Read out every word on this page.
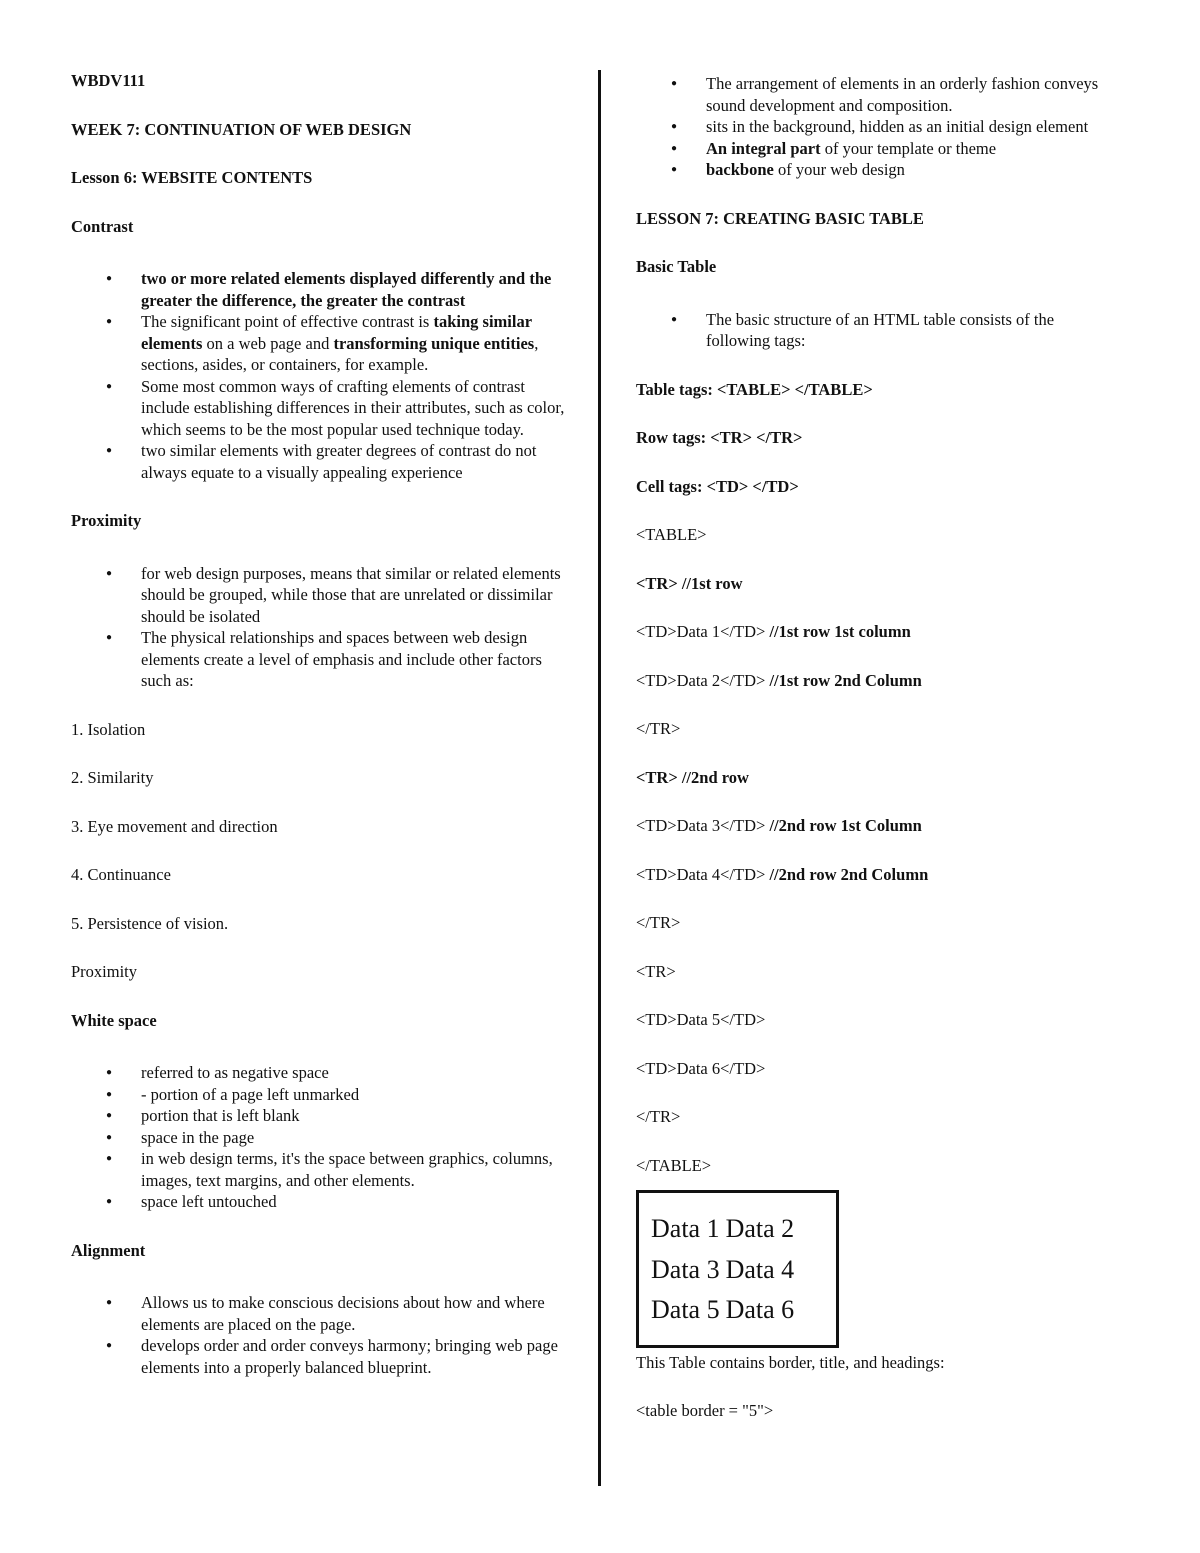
WBDV111

WEEK 7: CONTINUATION OF WEB DESIGN

Lesson 6: WEBSITE CONTENTS

Contrast

● two or more related elements displayed differently and the greater the difference, the greater the contrast
● The significant point of effective contrast is taking similar elements on a web page and transforming unique entities, sections, asides, or containers, for example.
● Some most common ways of crafting elements of contrast include establishing differences in their attributes, such as color, which seems to be the most popular used technique today.
● two similar elements with greater degrees of contrast do not always equate to a visually appealing experience

Proximity

● for web design purposes, means that similar or related elements should be grouped, while those that are unrelated or dissimilar should be isolated
● The physical relationships and spaces between web design elements create a level of emphasis and include other factors such as:

1. Isolation

2. Similarity

3. Eye movement and direction

4. Continuance

5. Persistence of vision.

Proximity

White space

● referred to as negative space
● - portion of a page left unmarked
● portion that is left blank
● space in the page
● in web design terms, it's the space between graphics, columns, images, text margins, and other elements.
● space left untouched

Alignment

● Allows us to make conscious decisions about how and where elements are placed on the page.
● develops order and order conveys harmony; bringing web page elements into a properly balanced blueprint.
● The arrangement of elements in an orderly fashion conveys sound development and composition.
● sits in the background, hidden as an initial design element
● An integral part of your template or theme
● backbone of your web design

LESSON 7: CREATING BASIC TABLE

Basic Table

● The basic structure of an HTML table consists of the following tags:

Table tags: <TABLE> </TABLE>

Row tags: <TR> </TR>

Cell tags: <TD> </TD>

<TABLE>

<TR> //1st row

<TD>Data 1</TD> //1st row 1st column

<TD>Data 2</TD> //1st row 2nd Column

</TR>

<TR> //2nd row

<TD>Data 3</TD> //2nd row 1st Column

<TD>Data 4</TD> //2nd row 2nd Column

</TR>

<TR>

<TD>Data 5</TD>

<TD>Data 6</TD>

</TR>

</TABLE>

Data 1 Data 2
Data 3 Data 4
Data 5 Data 6

This Table contains border, title, and headings:

<table border = "5">
